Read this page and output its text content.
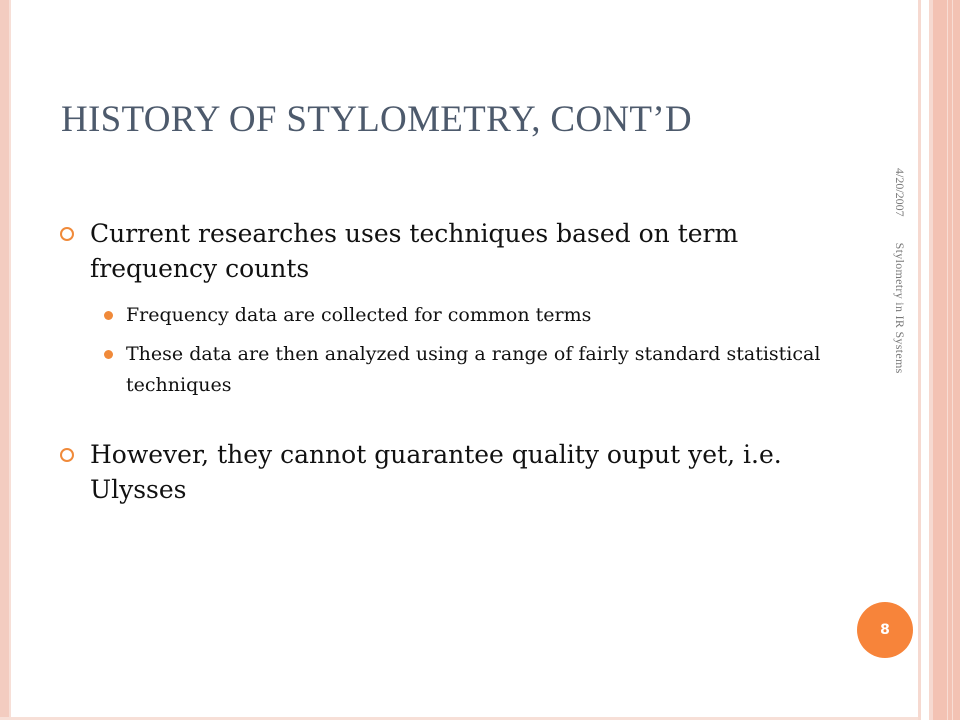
HISTORY OF STYLOMETRY, CONT’D
Current researches uses techniques based on term frequency counts
Frequency data are collected for common terms
These data are then analyzed using a range of fairly standard statistical techniques
However, they cannot guarantee quality ouput yet, i.e. Ulysses
4/20/2007Stylometry in IR Systems
8
